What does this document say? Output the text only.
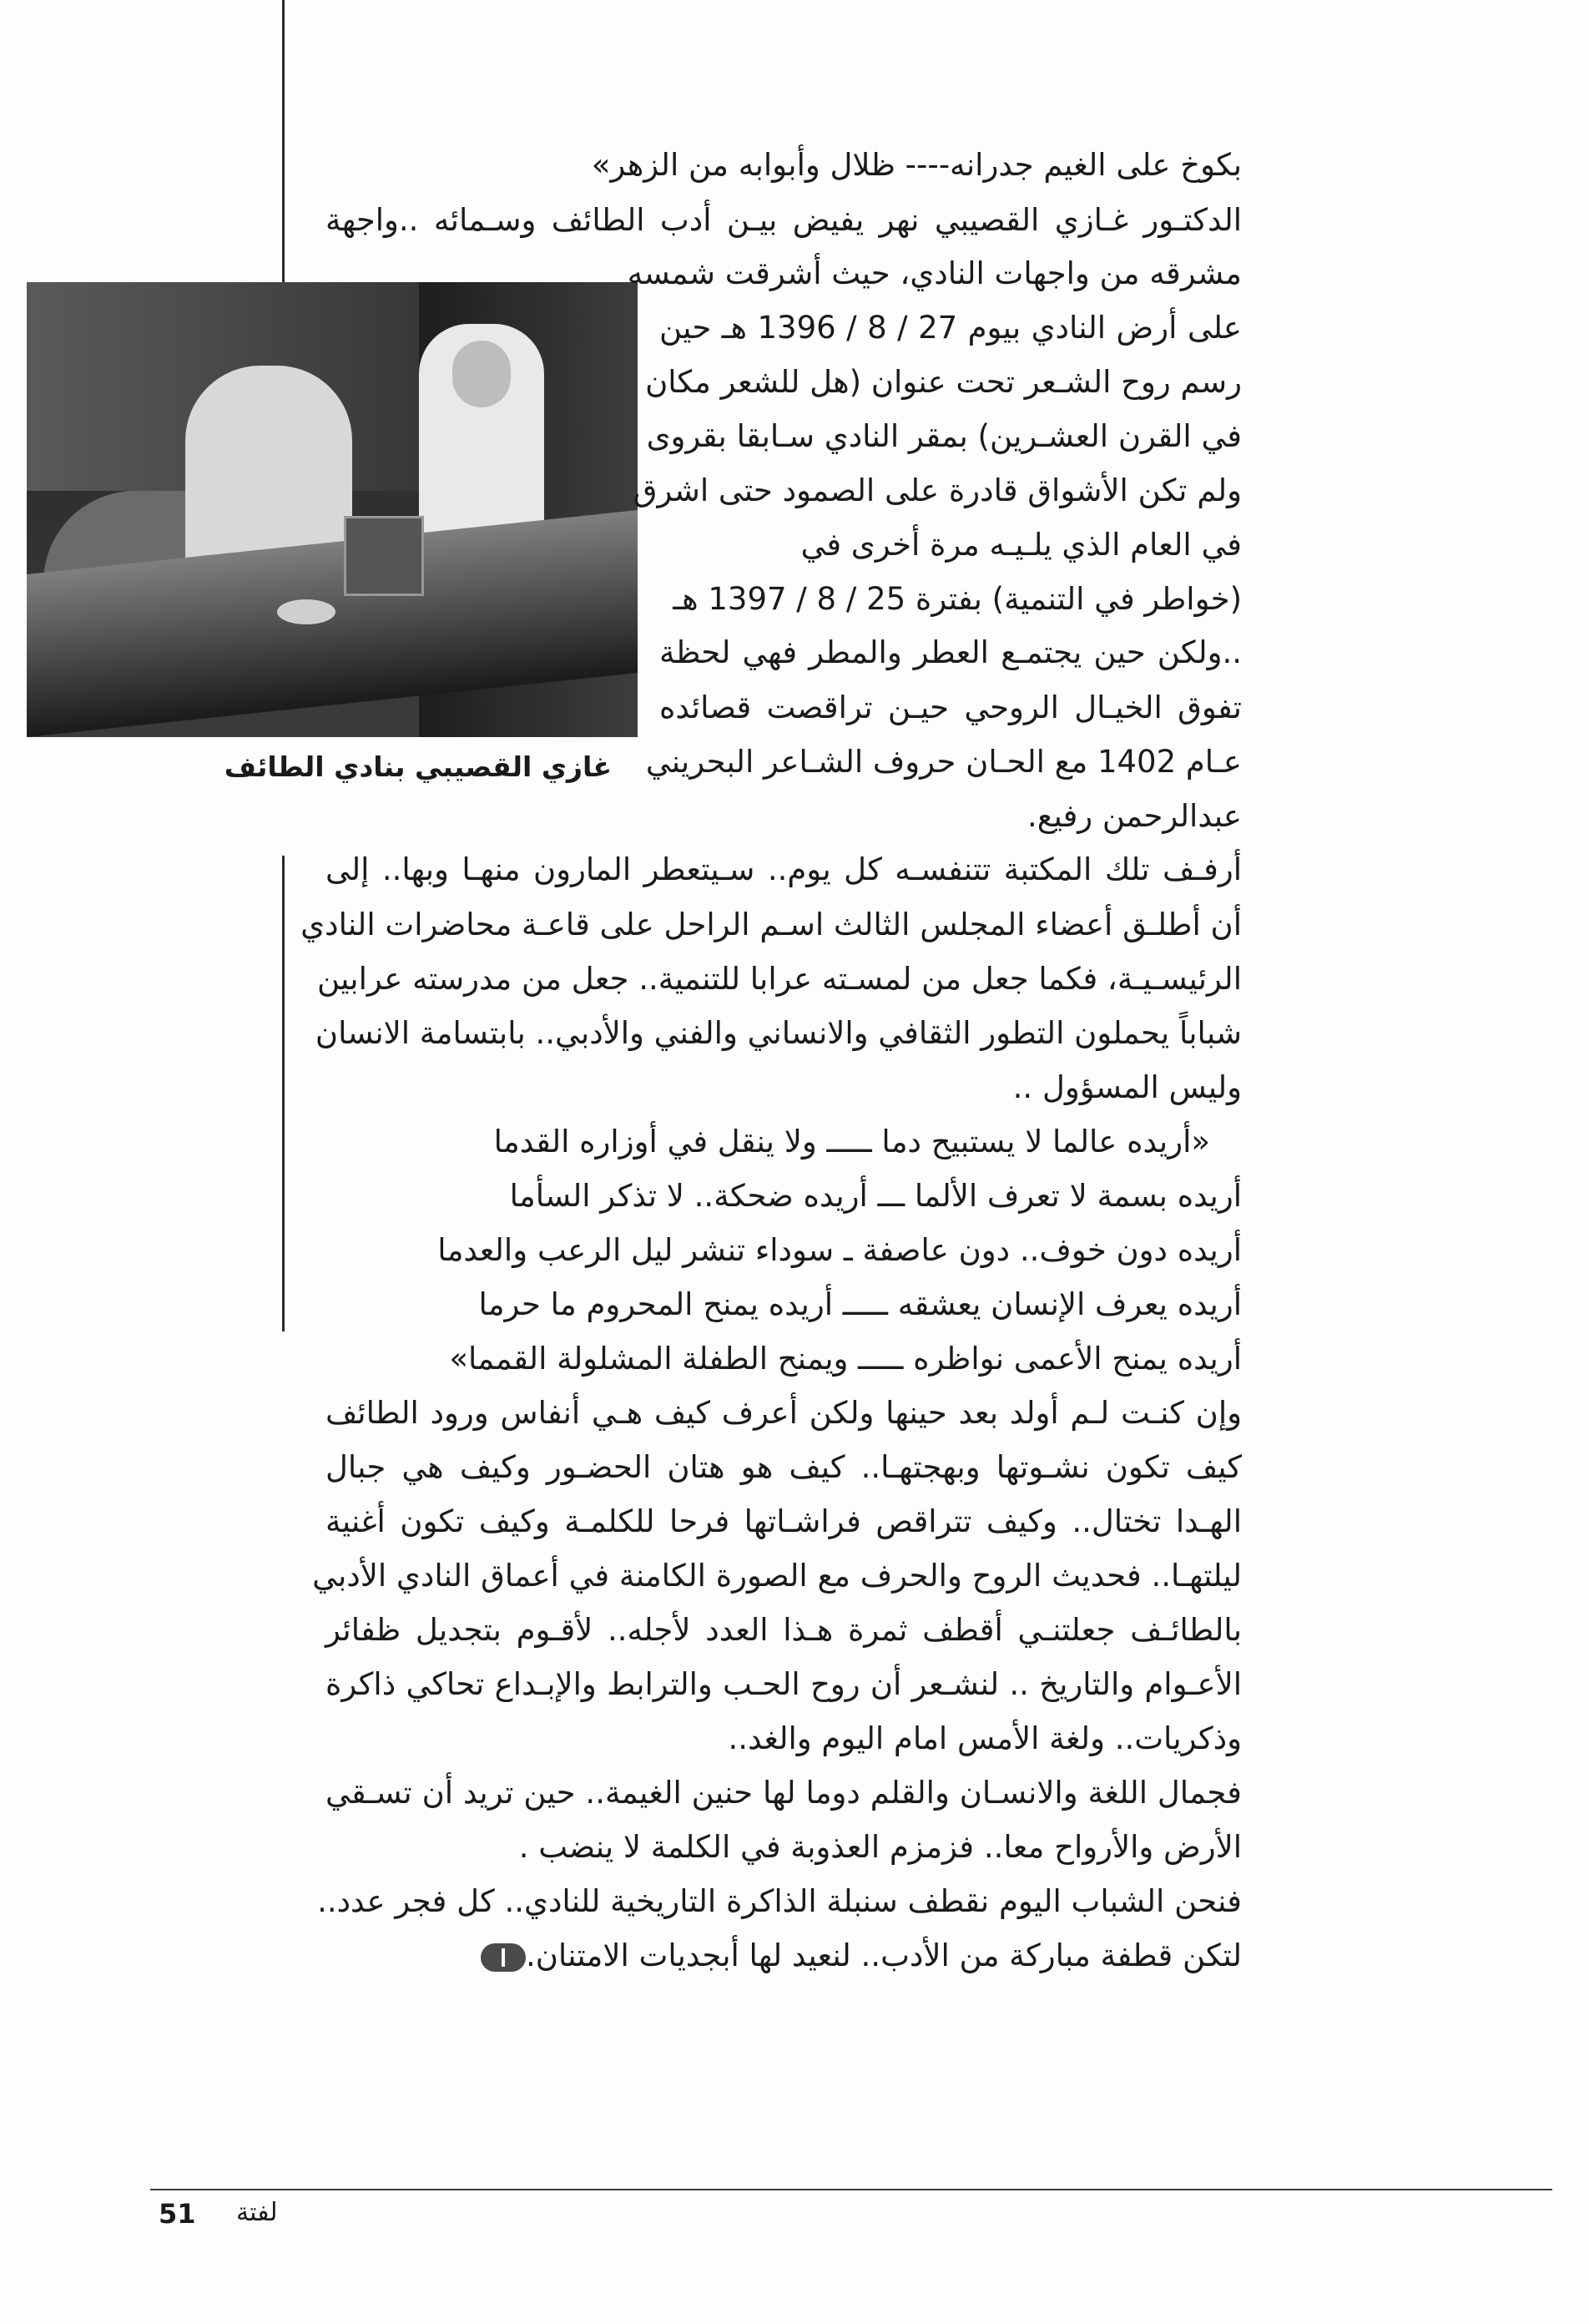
غازي القصيبي بنادي الطائف
بكوخ على الغيم جدرانه---- ظلال وأبوابه من الزهر»
الدكتـور غـازي القصيبي نهر يفيض بيـن أدب الطائف وسـمائه ..واجهة
مشرقه من واجهات النادي، حيث أشرقت شمسه
على أرض النادي بيوم 27 / 8 / 1396 هـ حين
رسم روح الشـعر تحت عنوان (هل للشعر مكان
في القرن العشـرين) بمقر النادي سـابقا بقروى
ولم تكن الأشواق قادرة على الصمود حتى اشرق
في العام الذي يلـيـه مرة أخرى في
(خواطر في التنمية) بفترة 25 / 8 / 1397 هـ
..ولكن حين يجتمـع العطر والمطر فهي لحظة
تفوق الخيـال الروحي حيـن تراقصت قصائده
عـام 1402 مع الحـان حروف الشـاعر البحريني
عبدالرحمن رفيع.
أرفـف تلك المكتبة تتنفسـه كل يوم.. سـيتعطر المارون منهـا وبها.. إلى
أن أطلـق أعضاء المجلس الثالث اسـم الراحل على قاعـة محاضرات النادي
الرئيسـيـة، فكما جعل من لمسـته عرابا للتنمية.. جعل من مدرسته عرابين
شباباً يحملون التطور الثقافي والانساني والفني والأدبي.. بابتسامة الانسان
وليس المسؤول ..
«أريده عالما لا يستبيح دما ـــــ ولا ينقل في أوزاره القدما
أريده بسمة لا تعرف الألما ـــ أريده ضحكة.. لا تذكر السأما
أريده دون خوف.. دون عاصفة ـ سوداء تنشر ليل الرعب والعدما
أريده يعرف الإنسان يعشقه ـــــ أريده يمنح المحروم ما حرما
أريده يمنح الأعمى نواظره ـــــ ويمنح الطفلة المشلولة القمما»
وإن كنـت لـم أولد بعد حينها ولكن أعرف كيف هـي أنفاس ورود الطائف
كيف تكون نشـوتها وبهجتهـا.. كيف هو هتان الحضـور وكيف هي جبال
الهـدا تختال.. وكيف تتراقص فراشـاتها فرحا للكلمـة وكيف تكون أغنية
ليلتهـا.. فحديث الروح والحرف مع الصورة الكامنة في أعماق النادي الأدبي
بالطائـف جعلتنـي أقطف ثمرة هـذا العدد لأجله.. لأقـوم بتجديل ظفائر
الأعـوام والتاريخ .. لنشـعر أن روح الحـب والترابط والإبـداع تحاكي ذاكرة
وذكريات.. ولغة الأمس امام اليوم والغد..
فجمال اللغة والانسـان والقلم دوما لها حنين الغيمة.. حين تريد أن تسـقي
الأرض والأرواح معا.. فزمزم العذوبة في الكلمة لا ينضب .
فنحن الشباب اليوم نقطف سنبلة الذاكرة التاريخية للنادي.. كل فجر عدد..
لتكن قطفة مباركة من الأدب.. لنعيد لها أبجديات الامتنان.
51 لفتة
